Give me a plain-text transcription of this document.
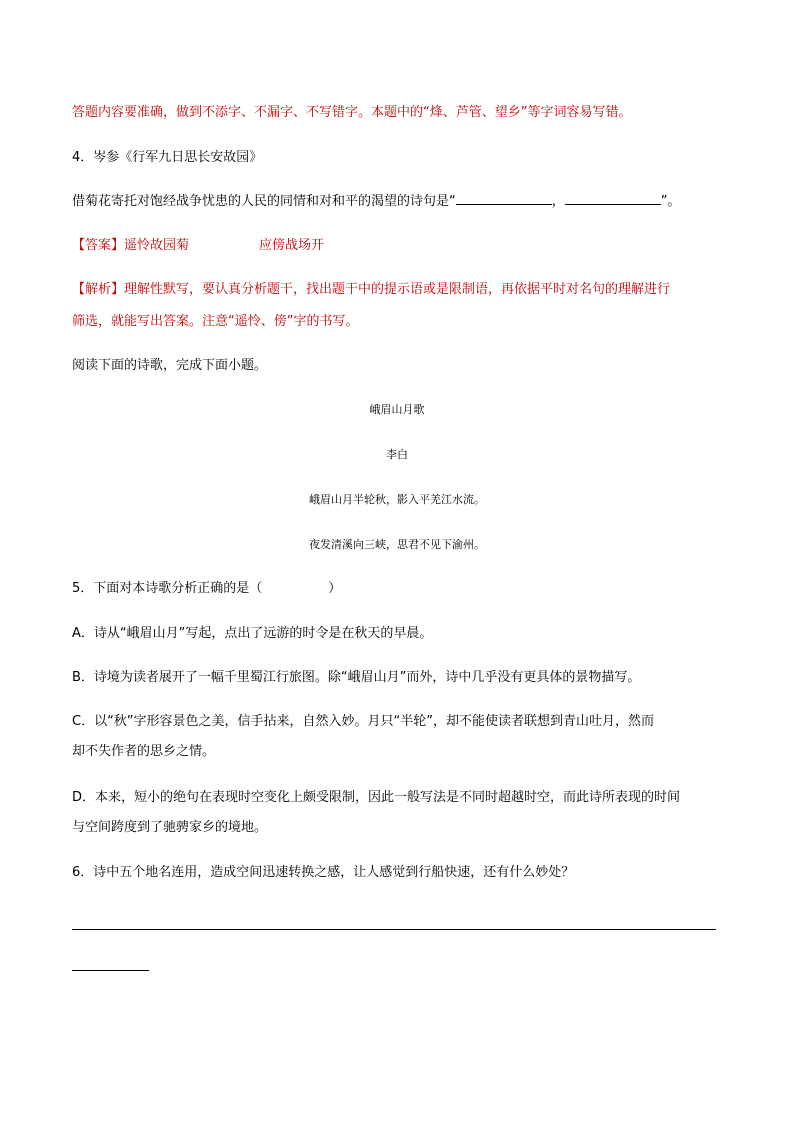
答题内容要准确，做到不添字、不漏字、不写错字。本题中的“烽、芦管、望乡”等字词容易写错。
4．岑参《行军九日思长安故园》
借菊花寄托对饱经战争忧患的人民的同情和对和平的渴望的诗句是“	，	”。
【答案】遥怜故园菊	应傍战场开
【解析】理解性默写，要认真分析题干，找出题干中的提示语或是限制语，再依据平时对名句的理解进行
筛选，就能写出答案。注意“遥怜、傍”字的书写。
阅读下面的诗歌，完成下面小题。
峨眉山月歌
李白
峨眉山月半轮秋，影入平羌江水流。
夜发清溪向三峡，思君不见下渝州。
5．下面对本诗歌分析正确的是（	）
A．诗从“峨眉山月”写起，点出了远游的时令是在秋天的早晨。
B．诗境为读者展开了一幅千里蜀江行旅图。除“峨眉山月”而外，诗中几乎没有更具体的景物描写。
C．以“秋”字形容景色之美，信手拈来，自然入妙。月只“半轮”，却不能使读者联想到青山吐月，然而
却不失作者的思乡之情。
D．本来，短小的绝句在表现时空变化上颇受限制，因此一般写法是不同时超越时空，而此诗所表现的时间
与空间跨度到了驰骋家乡的境地。
6．诗中五个地名连用，造成空间迅速转换之感，让人感觉到行船快速，还有什么妙处？
